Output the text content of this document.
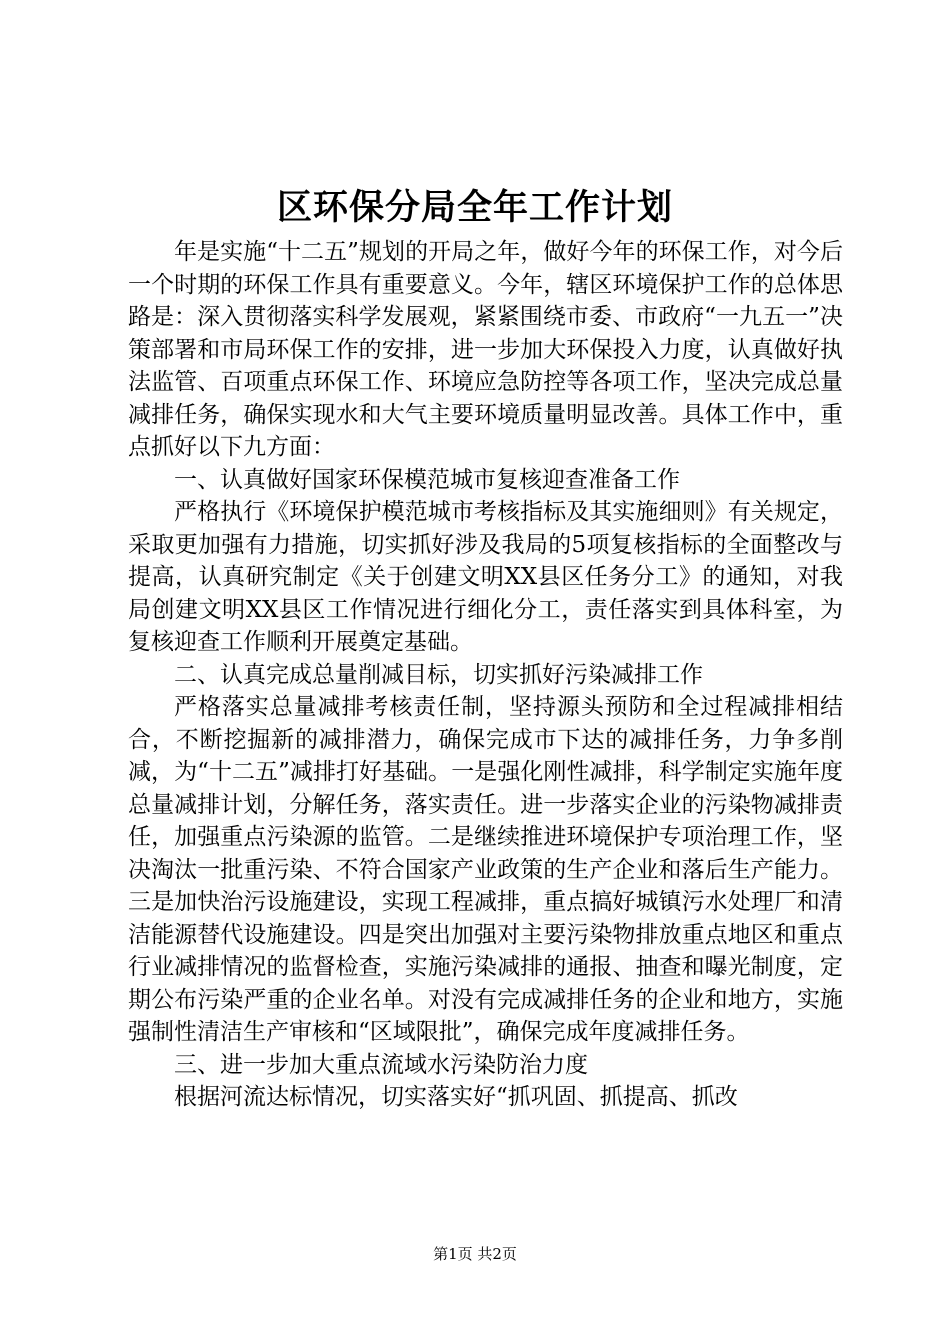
区环保分局全年工作计划

年是实施“十二五”规划的开局之年，做好今年的环保工作，对今后一个时期的环保工作具有重要意义。今年，辖区环境保护工作的总体思路是：深入贯彻落实科学发展观，紧紧围绕市委、市政府“一九五一”决策部署和市局环保工作的安排，进一步加大环保投入力度，认真做好执法监管、百项重点环保工作、环境应急防控等各项工作，坚决完成总量减排任务，确保实现水和大气主要环境质量明显改善。具体工作中，重点抓好以下九方面：

一、认真做好国家环保模范城市复核迎查准备工作

严格执行《环境保护模范城市考核指标及其实施细则》有关规定，采取更加强有力措施，切实抓好涉及我局的5项复核指标的全面整改与提高，认真研究制定《关于创建文明XX县区任务分工》的通知，对我局创建文明XX县区工作情况进行细化分工，责任落实到具体科室，为复核迎查工作顺利开展奠定基础。

二、认真完成总量削减目标，切实抓好污染减排工作

严格落实总量减排考核责任制，坚持源头预防和全过程减排相结合，不断挖掘新的减排潜力，确保完成市下达的减排任务，力争多削减，为“十二五”减排打好基础。一是强化刚性减排，科学制定实施年度总量减排计划，分解任务，落实责任。进一步落实企业的污染物减排责任，加强重点污染源的监管。二是继续推进环境保护专项治理工作，坚决淘汰一批重污染、不符合国家产业政策的生产企业和落后生产能力。三是加快治污设施建设，实现工程减排，重点搞好城镇污水处理厂和清洁能源替代设施建设。四是突出加强对主要污染物排放重点地区和重点行业减排情况的监督检查，实施污染减排的通报、抽查和曝光制度，定期公布污染严重的企业名单。对没有完成减排任务的企业和地方，实施强制性清洁生产审核和“区域限批”，确保完成年度减排任务。

三、进一步加大重点流域水污染防治力度

根据河流达标情况，切实落实好“抓巩固、抓提高、抓改

第1页 共2页
